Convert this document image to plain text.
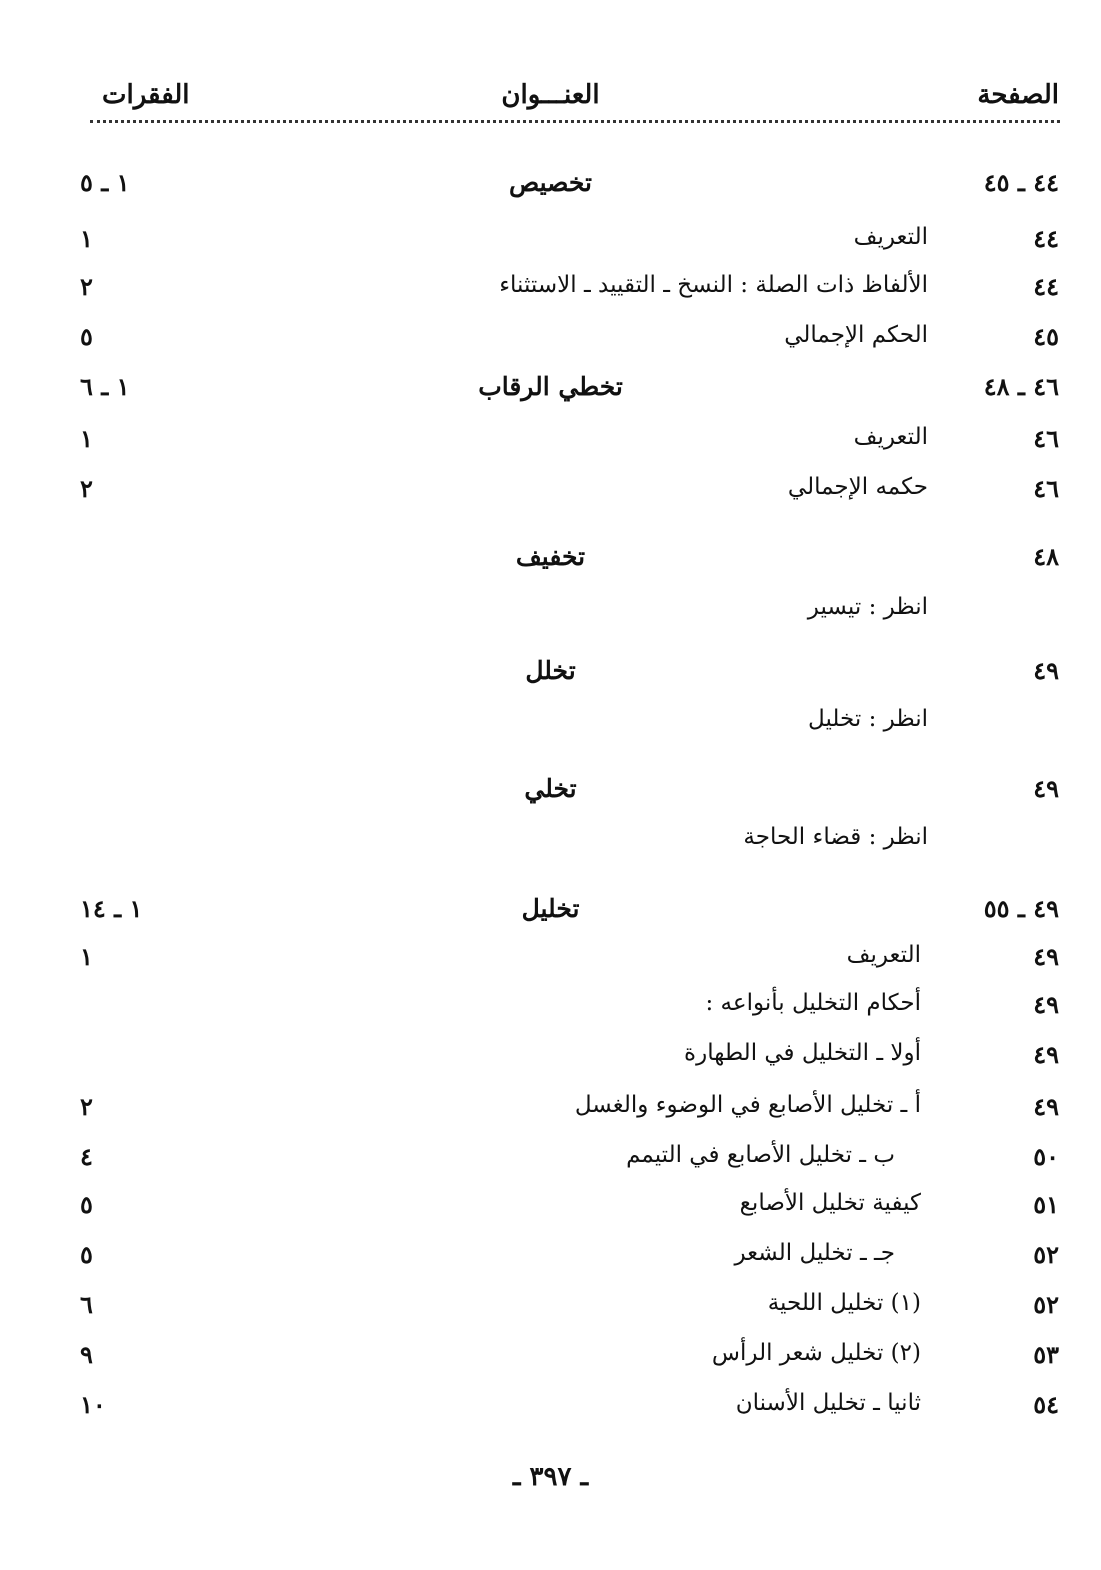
الصفحة
العنـــوان
الفقرات
٤٤ ـ ٤٥
تخصيص
١ ـ ٥
٤٤
التعريف
١
٤٤
الألفاظ ذات الصلة : النسخ ـ التقييد ـ الاستثناء
٢
٤٥
الحكم الإجمالي
٥
٤٦ ـ ٤٨
تخطي الرقاب
١ ـ ٦
٤٦
التعريف
١
٤٦
حكمه الإجمالي
٢
٤٨
تخفيف
انظر : تيسير
٤٩
تخلل
انظر : تخليل
٤٩
تخلي
انظر : قضاء الحاجة
٤٩ ـ ٥٥
تخليل
١ ـ ١٤
٤٩
التعريف
١
٤٩
أحكام التخليل بأنواعه :
٤٩
أولا ـ التخليل في الطهارة
٤٩
أ ـ تخليل الأصابع في الوضوء والغسل
٢
٥٠
ب ـ تخليل الأصابع في التيمم
٤
٥١
كيفية تخليل الأصابع
٥
٥٢
جـ ـ تخليل الشعر
٥
٥٢
(١) تخليل اللحية
٦
٥٣
(٢) تخليل شعر الرأس
٩
٥٤
ثانيا ـ تخليل الأسنان
١٠
ـ ٣٩٧ ـ
